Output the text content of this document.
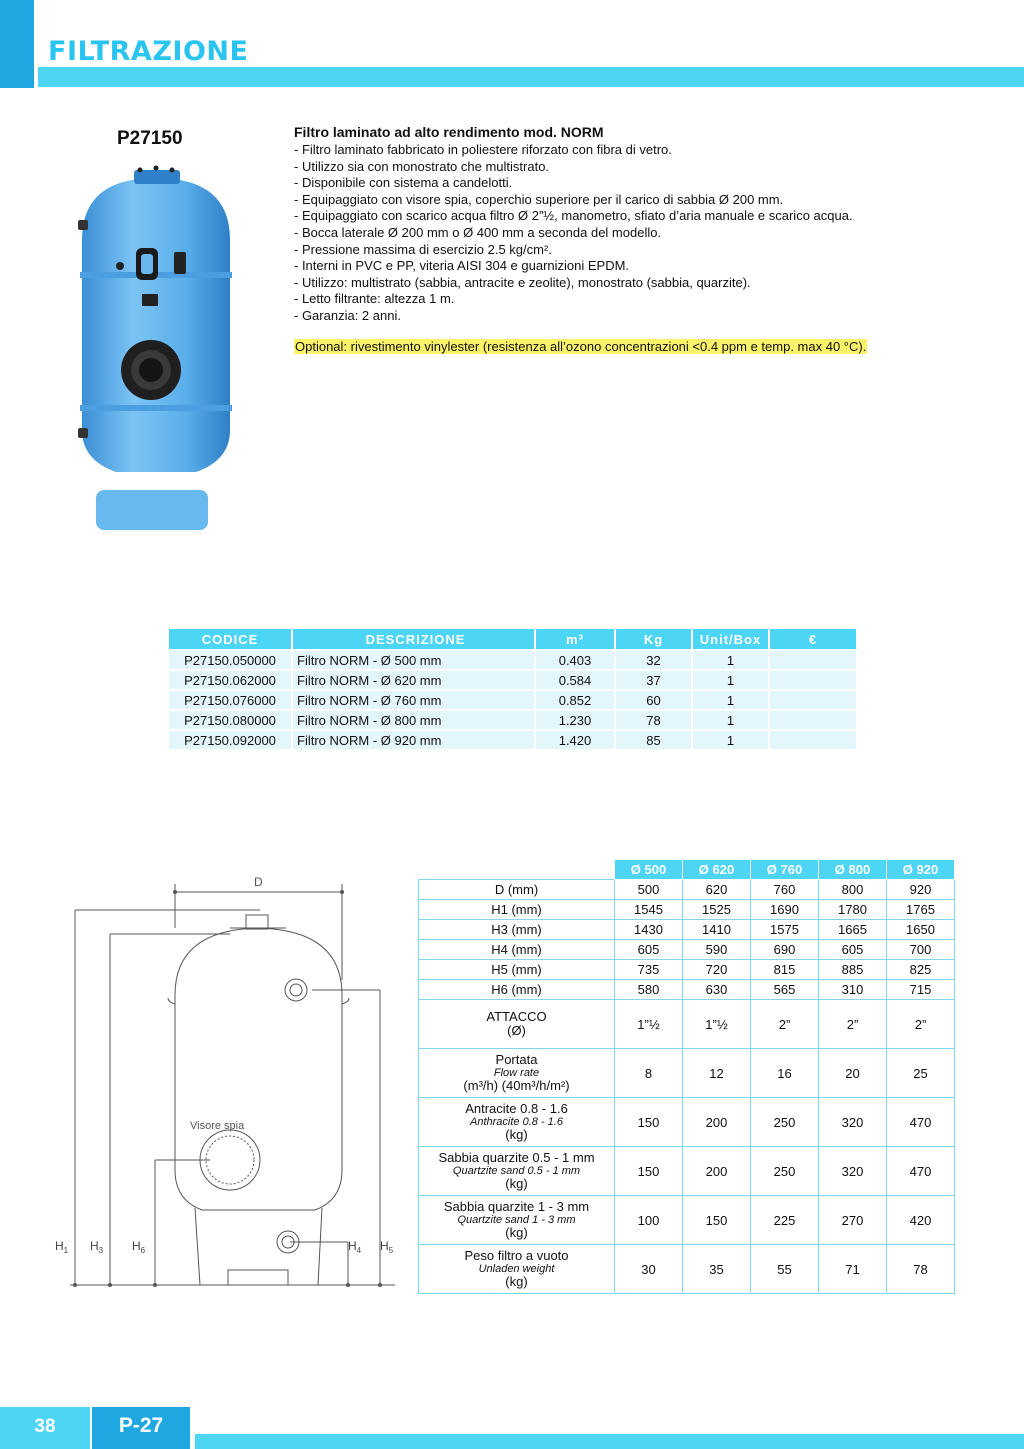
FILTRAZIONE
P27150	Filtro laminato ad alto rendimento mod. NORM
- Filtro laminato fabbricato in poliestere riforzato con fibra di vetro.
- Utilizzo sia con monostrato che multistrato.
- Disponibile con sistema a candelotti.
- Equipaggiato con visore spia, coperchio superiore per il carico di sabbia Ø 200 mm.
- Equipaggiato con scarico acqua filtro Ø 2”½, manometro, sfiato d’aria manuale e scarico acqua.
- Bocca laterale Ø 200 mm o Ø 400 mm a seconda del modello.
- Pressione massima di esercizio 2.5 kg/cm².
- Interni in PVC e PP, viteria AISI 304 e guarnizioni EPDM.
- Utilizzo: multistrato (sabbia, antracite e zeolite), monostrato (sabbia, quarzite).
- Letto filtrante: altezza 1 m.
- Garanzia: 2 anni.
Optional: rivestimento vinylester (resistenza all’ozono concentrazioni <0.4 ppm e temp. max 40 °C).
CODICE	DESCRIZIONE	m³	Kg	Unit/Box	€
P27150.050000	Filtro NORM - Ø 500 mm	0.403	32	1	
P27150.062000	Filtro NORM - Ø 620 mm	0.584	37	1	
P27150.076000	Filtro NORM - Ø 760 mm	0.852	60	1	
P27150.080000	Filtro NORM - Ø 800 mm	1.230	78	1	
P27150.092000	Filtro NORM - Ø 920 mm	1.420	85	1	
D
Visore spia
$H_1$ $H_3$ $H_6$	$H_4$ $H_5$
	Ø 500	Ø 620	Ø 760	Ø 800	Ø 920
D (mm)	500	620	760	800	920
H1 (mm)	1545	1525	1690	1780	1765
H3 (mm)	1430	1410	1575	1665	1650
H4 (mm)	605	590	690	605	700
H5 (mm)	735	720	815	885	825
H6 (mm)	580	630	565	310	715

ATTACCO
(Ø)	1”½	1”½	2”	2”	2”

Portata
Flow rate
(m³/h) (40m³/h/m²)	8	12	16	20	25

Antracite 0.8 - 1.6
Anthracite 0.8 - 1.6
(kg)	150	200	250	320	470

Sabbia quarzite 0.5 - 1 mm
Quartzite sand 0.5 - 1 mm
(kg)	150	200	250	320	470

Sabbia quarzite 1 - 3 mm
Quartzite sand 1 - 3 mm
(kg)	100	150	225	270	420

Peso filtro a vuoto
Unladen weight
(kg)	30	35	55	71	78
38	P-27
